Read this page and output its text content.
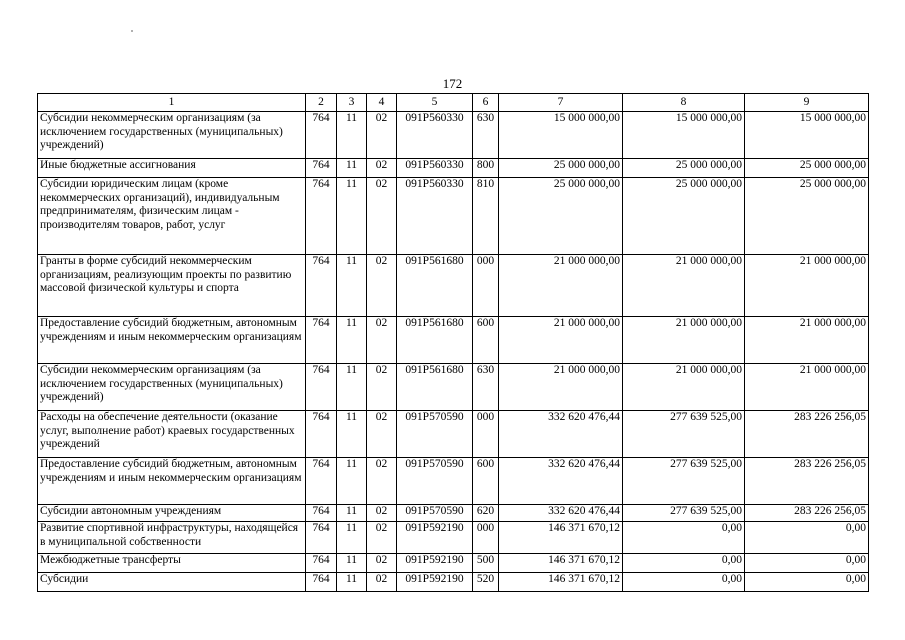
172
1	2	3	4	5	6	7	8	9
Субсидии некоммерческим организациям (за исключением государственных (муниципальных) учреждений)	764	11	02	091P560330	630	15 000 000,00	15 000 000,00	15 000 000,00
Иные бюджетные ассигнования	764	11	02	091P560330	800	25 000 000,00	25 000 000,00	25 000 000,00
Субсидии юридическим лицам (кроме некоммерческих организаций), индивидуальным предпринимателям, физическим лицам - производителям товаров, работ, услуг	764	11	02	091P560330	810	25 000 000,00	25 000 000,00	25 000 000,00
Гранты в форме субсидий некоммерческим организациям, реализующим проекты по развитию массовой физической культуры и спорта	764	11	02	091P561680	000	21 000 000,00	21 000 000,00	21 000 000,00
Предоставление субсидий бюджетным, автономным учреждениям и иным некоммерческим организациям	764	11	02	091P561680	600	21 000 000,00	21 000 000,00	21 000 000,00
Субсидии некоммерческим организациям (за исключением государственных (муниципальных) учреждений)	764	11	02	091P561680	630	21 000 000,00	21 000 000,00	21 000 000,00
Расходы на обеспечение деятельности (оказание услуг, выполнение работ) краевых государственных учреждений	764	11	02	091P570590	000	332 620 476,44	277 639 525,00	283 226 256,05
Предоставление субсидий бюджетным, автономным учреждениям и иным некоммерческим организациям	764	11	02	091P570590	600	332 620 476,44	277 639 525,00	283 226 256,05
Субсидии автономным учреждениям	764	11	02	091P570590	620	332 620 476,44	277 639 525,00	283 226 256,05
Развитие спортивной инфраструктуры, находящейся в муниципальной собственности	764	11	02	091P592190	000	146 371 670,12	0,00	0,00
Межбюджетные трансферты	764	11	02	091P592190	500	146 371 670,12	0,00	0,00
Субсидии	764	11	02	091P592190	520	146 371 670,12	0,00	0,00
